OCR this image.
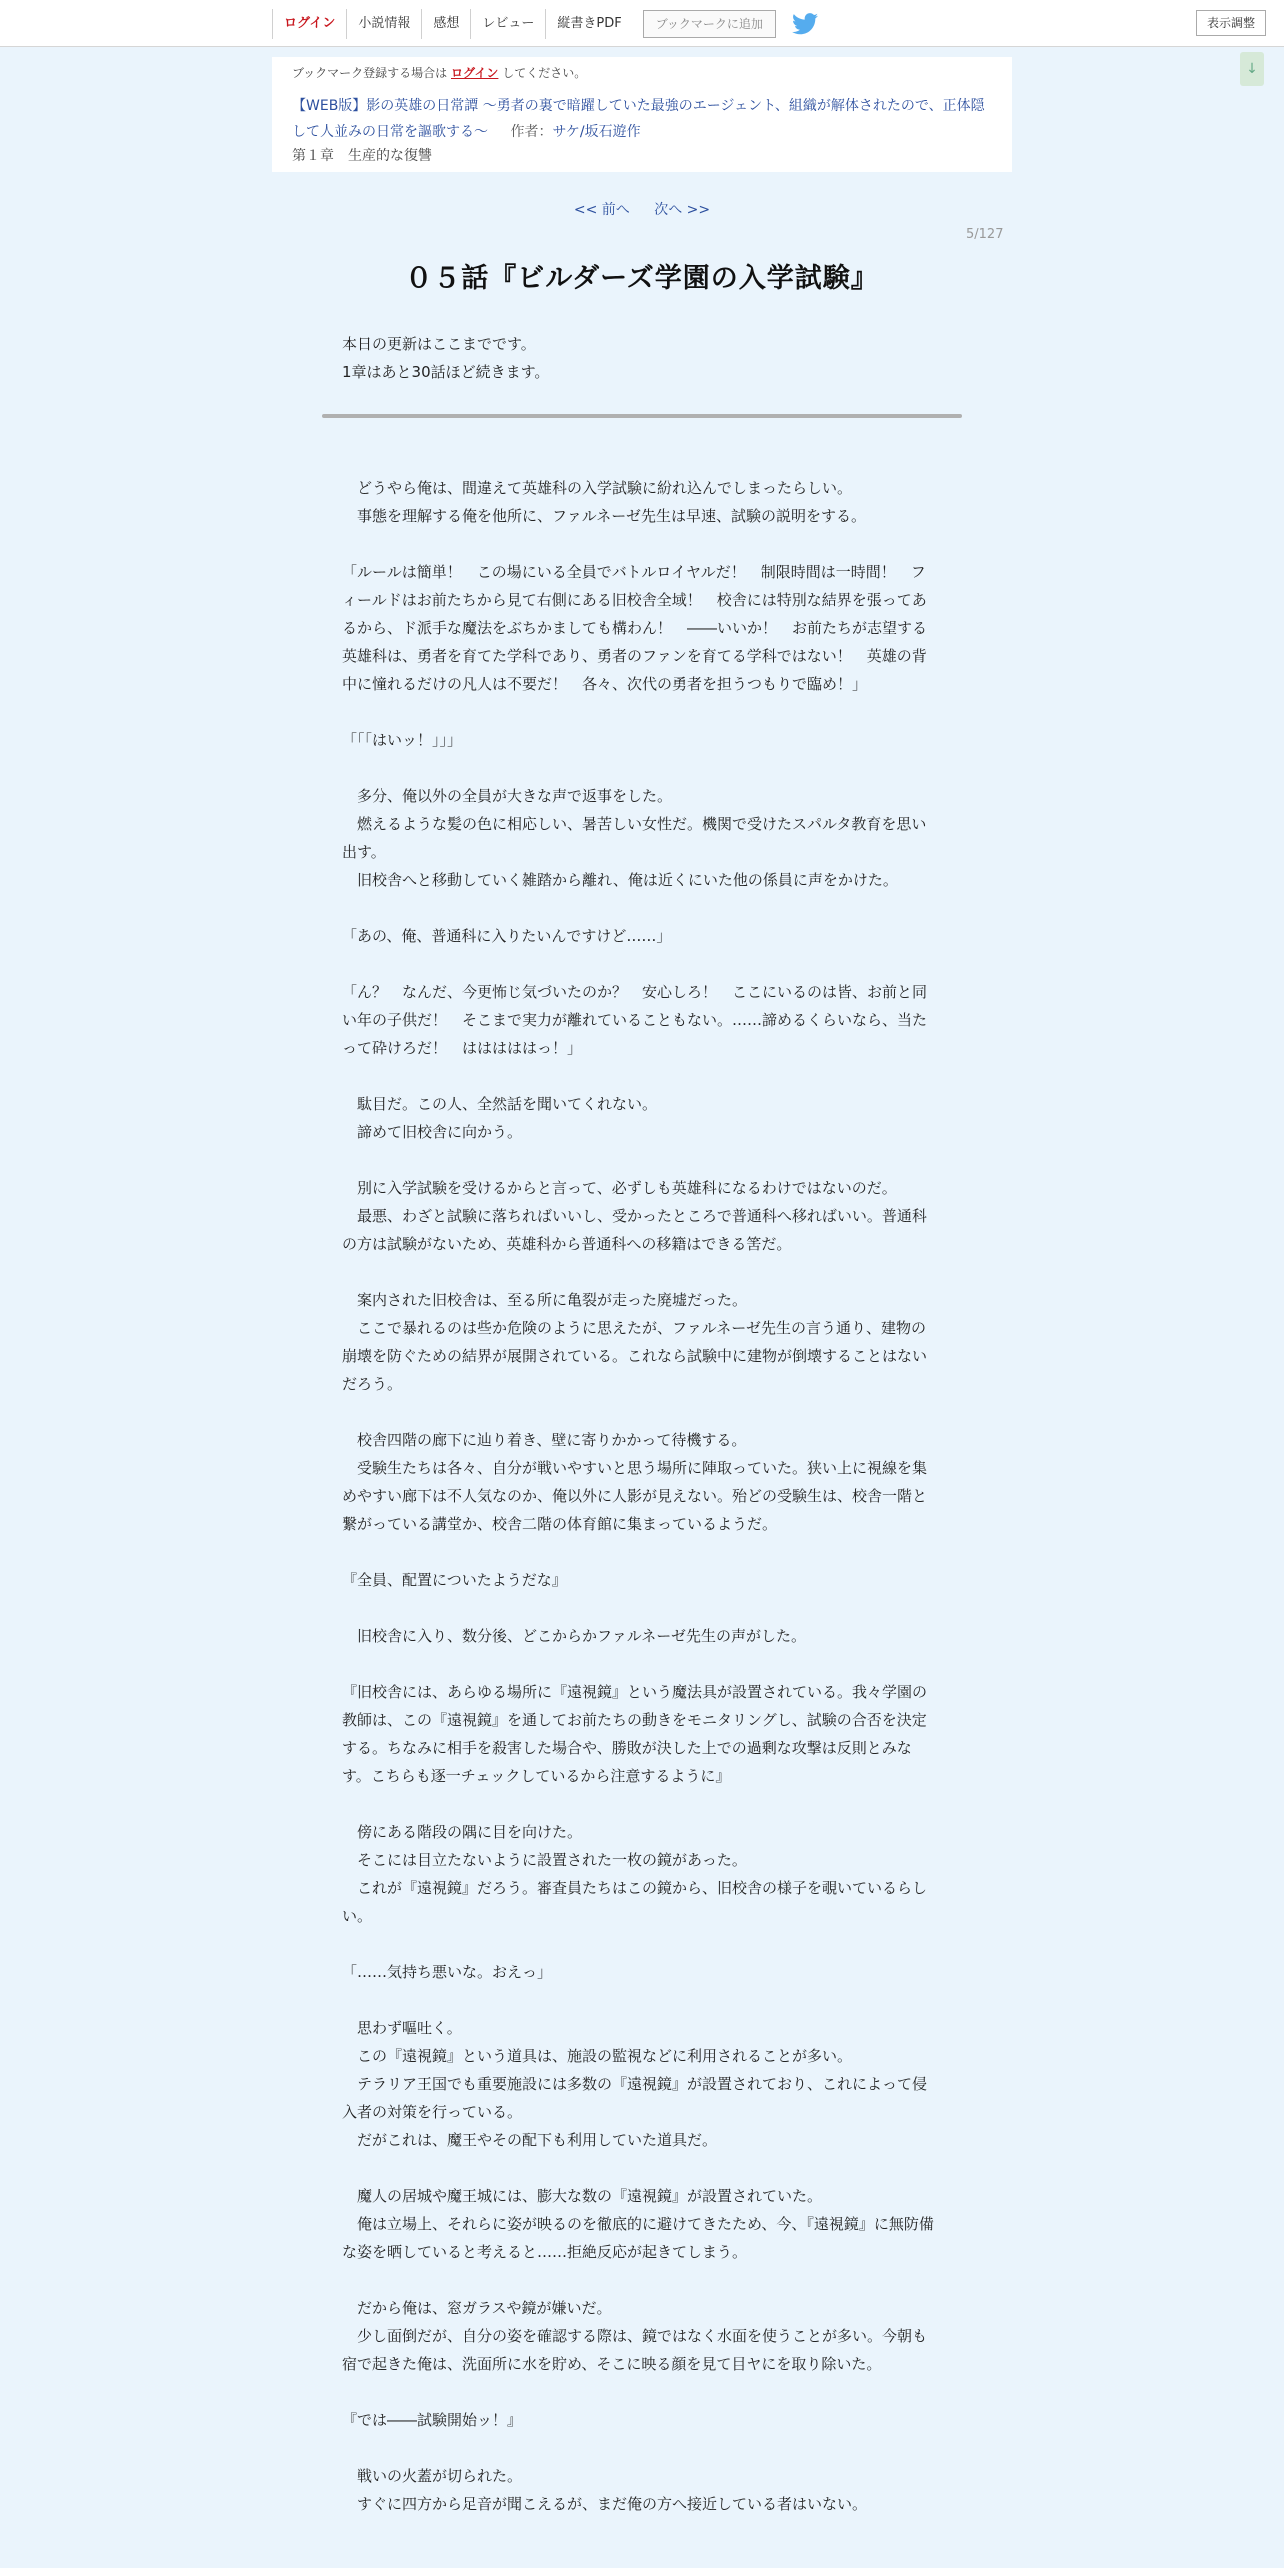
ログイン	小説情報	感想	レビュー	縦書きPDF	ブックマークに追加	表示調整
↓
ブックマーク登録する場合は ログイン してください。
【WEB版】影の英雄の日常譚 ～勇者の裏で暗躍していた最強のエージェント、組織が解体されたので、正体隠して人並みの日常を謳歌する～ 作者：サケ/坂石遊作
第１章　生産的な復讐
<< 前へ 次へ >>
5/127
０５話『ビルダーズ学園の入学試験』
本日の更新はここまでです。
1章はあと30話ほど続きます。
　どうやら俺は、間違えて英雄科の入学試験に紛れ込んでしまったらしい。
　事態を理解する俺を他所に、ファルネーゼ先生は早速、試験の説明をする。
「ルールは簡単！　この場にいる全員でバトルロイヤルだ！　制限時間は一時間！　フィールドはお前たちから見て右側にある旧校舎全域！　校舎には特別な結界を張ってあるから、ド派手な魔法をぶちかましても構わん！　――いいか！　お前たちが志望する英雄科は、勇者を育てた学科であり、勇者のファンを育てる学科ではない！　英雄の背中に憧れるだけの凡人は不要だ！　各々、次代の勇者を担うつもりで臨め！」
「「「はいッ！」」」
　多分、俺以外の全員が大きな声で返事をした。
　燃えるような髪の色に相応しい、暑苦しい女性だ。機関で受けたスパルタ教育を思い出す。
　旧校舎へと移動していく雑踏から離れ、俺は近くにいた他の係員に声をかけた。
「あの、俺、普通科に入りたいんですけど……」
「ん？　なんだ、今更怖じ気づいたのか？　安心しろ！　ここにいるのは皆、お前と同い年の子供だ！　そこまで実力が離れていることもない。……諦めるくらいなら、当たって砕けろだ！　はははははっ！」
　駄目だ。この人、全然話を聞いてくれない。
　諦めて旧校舎に向かう。
　別に入学試験を受けるからと言って、必ずしも英雄科になるわけではないのだ。
　最悪、わざと試験に落ちればいいし、受かったところで普通科へ移ればいい。普通科の方は試験がないため、英雄科から普通科への移籍はできる筈だ。
　案内された旧校舎は、至る所に亀裂が走った廃墟だった。
　ここで暴れるのは些か危険のように思えたが、ファルネーゼ先生の言う通り、建物の崩壊を防ぐための結界が展開されている。これなら試験中に建物が倒壊することはないだろう。
　校舎四階の廊下に辿り着き、壁に寄りかかって待機する。
　受験生たちは各々、自分が戦いやすいと思う場所に陣取っていた。狭い上に視線を集めやすい廊下は不人気なのか、俺以外に人影が見えない。殆どの受験生は、校舎一階と繋がっている講堂か、校舎二階の体育館に集まっているようだ。
『全員、配置についたようだな』
　旧校舎に入り、数分後、どこからかファルネーゼ先生の声がした。
『旧校舎には、あらゆる場所に『遠視鏡』という魔法具が設置されている。我々学園の教師は、この『遠視鏡』を通してお前たちの動きをモニタリングし、試験の合否を決定する。ちなみに相手を殺害した場合や、勝敗が決した上での過剰な攻撃は反則とみなす。こちらも逐一チェックしているから注意するように』
　傍にある階段の隅に目を向けた。
　そこには目立たないように設置された一枚の鏡があった。
　これが『遠視鏡』だろう。審査員たちはこの鏡から、旧校舎の様子を覗いているらしい。
「……気持ち悪いな。おえっ」
　思わず嘔吐く。
　この『遠視鏡』という道具は、施設の監視などに利用されることが多い。
　テラリア王国でも重要施設には多数の『遠視鏡』が設置されており、これによって侵入者の対策を行っている。
　だがこれは、魔王やその配下も利用していた道具だ。
　魔人の居城や魔王城には、膨大な数の『遠視鏡』が設置されていた。
　俺は立場上、それらに姿が映るのを徹底的に避けてきたため、今、『遠視鏡』に無防備な姿を晒していると考えると……拒絶反応が起きてしまう。
　だから俺は、窓ガラスや鏡が嫌いだ。
　少し面倒だが、自分の姿を確認する際は、鏡ではなく水面を使うことが多い。今朝も宿で起きた俺は、洗面所に水を貯め、そこに映る顔を見て目ヤにを取り除いた。
『では――試験開始ッ！』
　戦いの火蓋が切られた。
　すぐに四方から足音が聞こえるが、まだ俺の方へ接近している者はいない。
